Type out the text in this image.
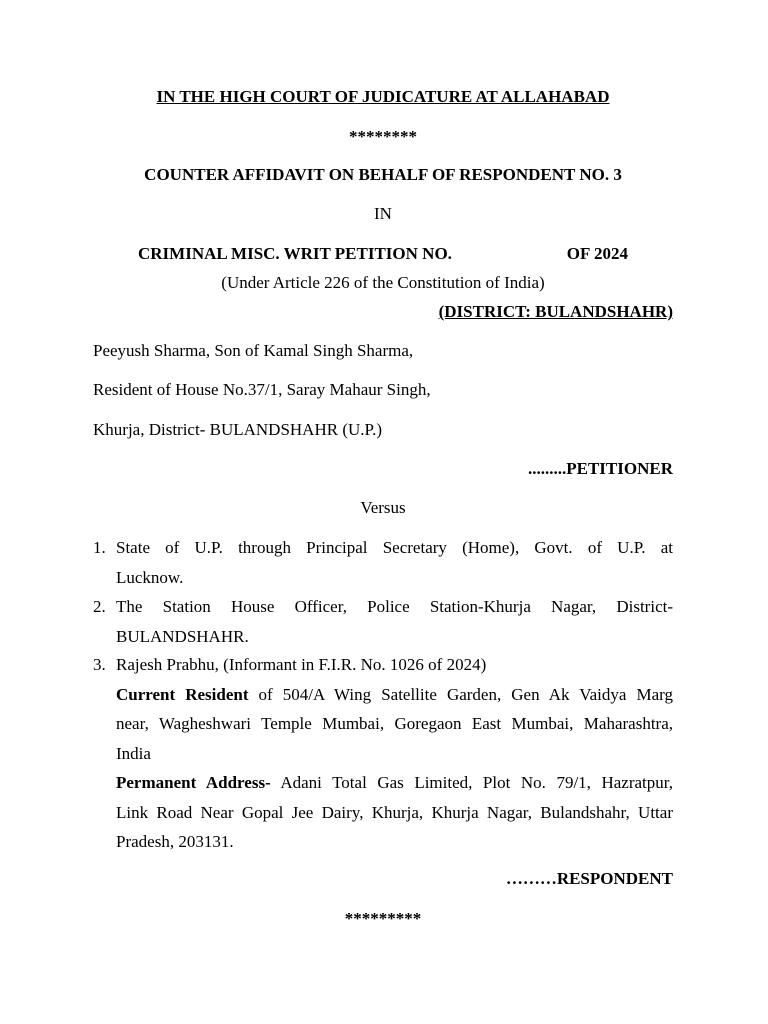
IN THE HIGH COURT OF JUDICATURE AT ALLAHABAD
********
COUNTER AFFIDAVIT ON BEHALF OF RESPONDENT NO. 3
IN
CRIMINAL MISC. WRIT PETITION NO.	OF 2024
(Under Article 226 of the Constitution of India)
(DISTRICT: BULANDSHAHR)
Peeyush Sharma, Son of Kamal Singh Sharma,
Resident of House No.37/1, Saray Mahaur Singh,
Khurja, District- BULANDSHAHR (U.P.)
.........PETITIONER
Versus
1. State of U.P. through Principal Secretary (Home), Govt. of U.P. at
Lucknow.
2. The Station House Officer, Police Station-Khurja Nagar, District-
BULANDSHAHR.
3. Rajesh Prabhu, (Informant in F.I.R. No. 1026 of 2024)
Current Resident of 504/A Wing Satellite Garden, Gen Ak Vaidya Marg
near, Wagheshwari Temple Mumbai, Goregaon East Mumbai, Maharashtra,
India
Permanent Address- Adani Total Gas Limited, Plot No. 79/1, Hazratpur,
Link Road Near Gopal Jee Dairy, Khurja, Khurja Nagar, Bulandshahr, Uttar
Pradesh, 203131.
………RESPONDENT
*********
